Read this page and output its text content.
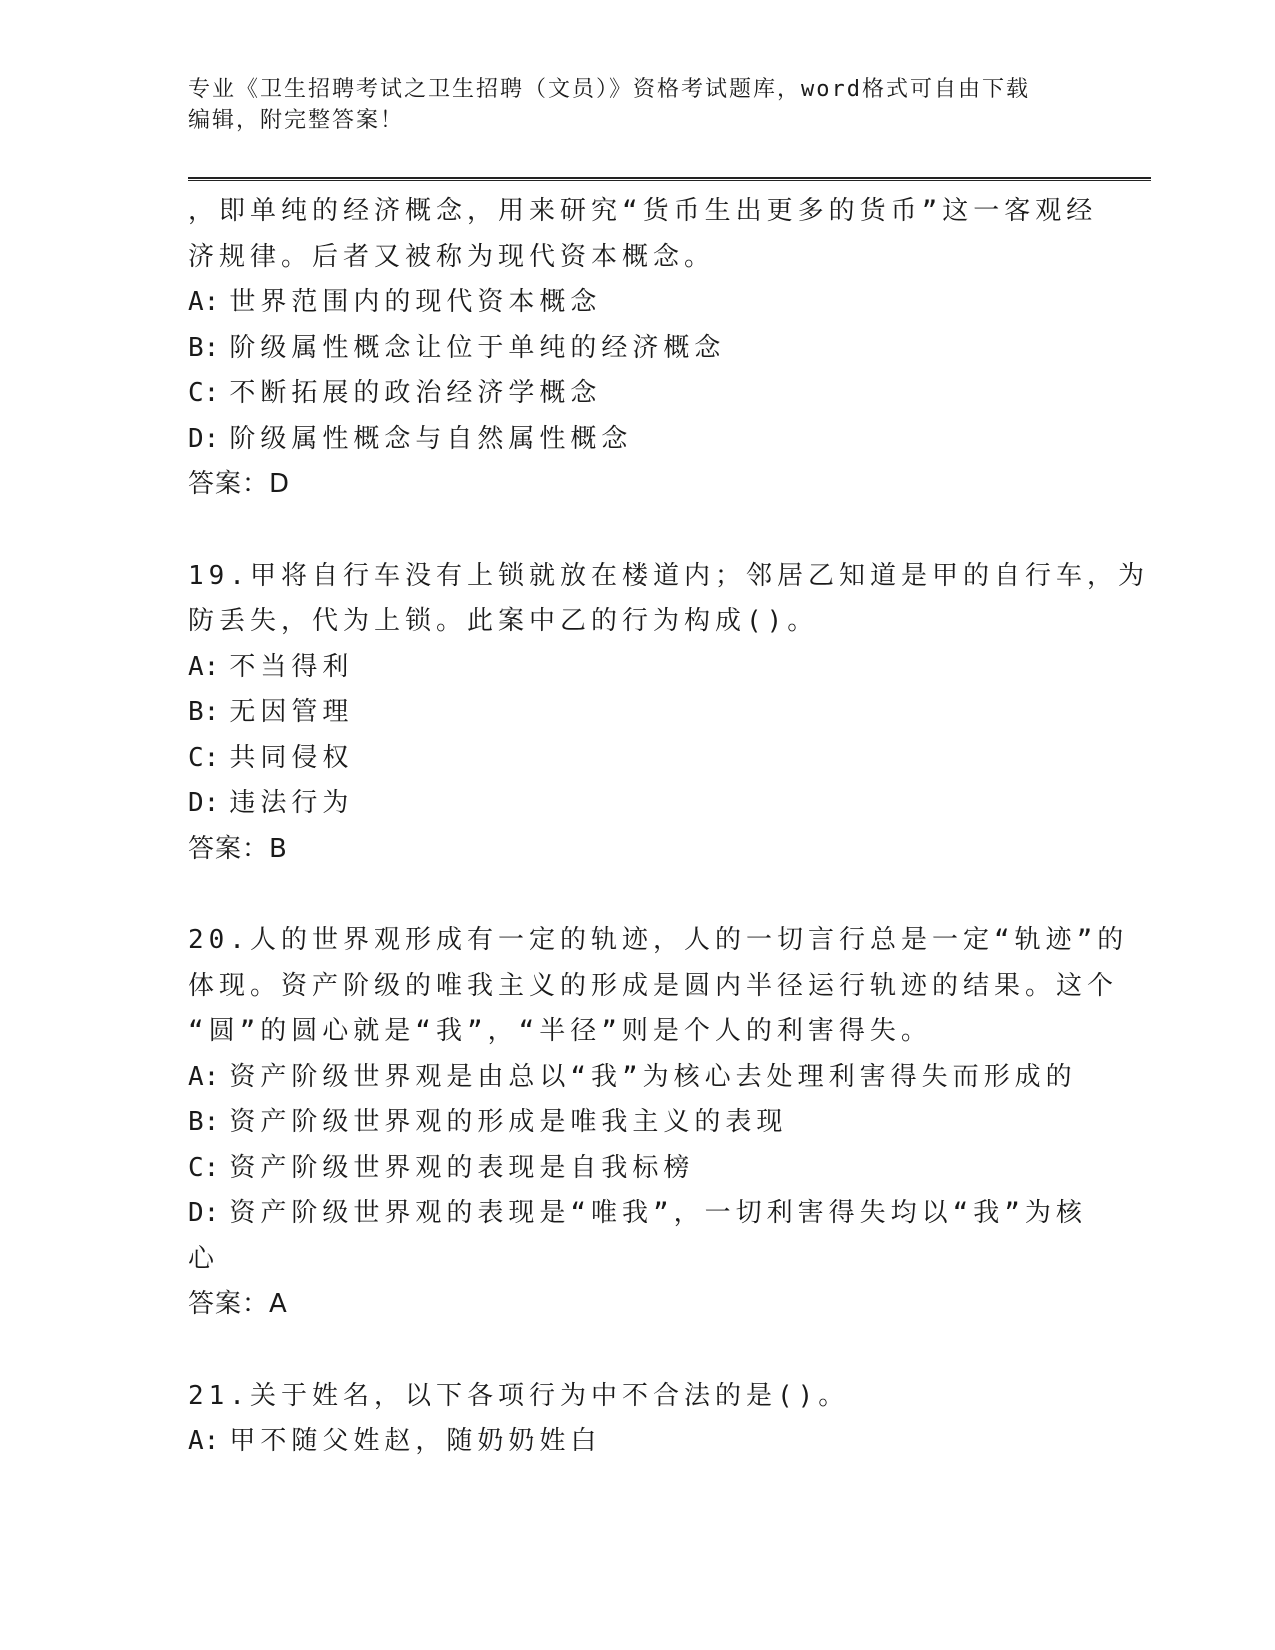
专业《卫生招聘考试之卫生招聘（文员）》资格考试题库，word格式可自由下载
编辑，附完整答案！
，即单纯的经济概念，用来研究“货币生出更多的货币”这一客观经
济规律。后者又被称为现代资本概念。
A: 世界范围内的现代资本概念
B: 阶级属性概念让位于单纯的经济概念
C: 不断拓展的政治经济学概念
D: 阶级属性概念与自然属性概念
答案：D
19.甲将自行车没有上锁就放在楼道内；邻居乙知道是甲的自行车，为
防丢失，代为上锁。此案中乙的行为构成()。
A: 不当得利
B: 无因管理
C: 共同侵权
D: 违法行为
答案：B
20.人的世界观形成有一定的轨迹，人的一切言行总是一定“轨迹”的
体现。资产阶级的唯我主义的形成是圆内半径运行轨迹的结果。这个
“圆”的圆心就是“我”，“半径”则是个人的利害得失。
A: 资产阶级世界观是由总以“我”为核心去处理利害得失而形成的
B: 资产阶级世界观的形成是唯我主义的表现
C: 资产阶级世界观的表现是自我标榜
D: 资产阶级世界观的表现是“唯我”，一切利害得失均以“我”为核
心
答案：A
21.关于姓名，以下各项行为中不合法的是()。
A: 甲不随父姓赵，随奶奶姓白
